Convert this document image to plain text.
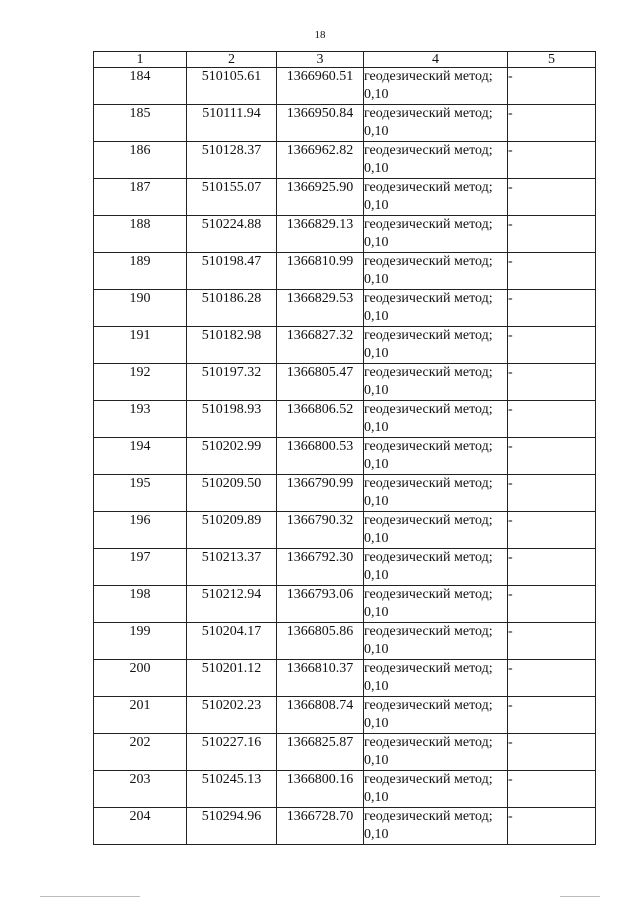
18
1	2	3	4	5
184	510105.61	1366960.51	геодезический метод; 0,10	-
185	510111.94	1366950.84	геодезический метод; 0,10	-
186	510128.37	1366962.82	геодезический метод; 0,10	-
187	510155.07	1366925.90	геодезический метод; 0,10	-
188	510224.88	1366829.13	геодезический метод; 0,10	-
189	510198.47	1366810.99	геодезический метод; 0,10	-
190	510186.28	1366829.53	геодезический метод; 0,10	-
191	510182.98	1366827.32	геодезический метод; 0,10	-
192	510197.32	1366805.47	геодезический метод; 0,10	-
193	510198.93	1366806.52	геодезический метод; 0,10	-
194	510202.99	1366800.53	геодезический метод; 0,10	-
195	510209.50	1366790.99	геодезический метод; 0,10	-
196	510209.89	1366790.32	геодезический метод; 0,10	-
197	510213.37	1366792.30	геодезический метод; 0,10	-
198	510212.94	1366793.06	геодезический метод; 0,10	-
199	510204.17	1366805.86	геодезический метод; 0,10	-
200	510201.12	1366810.37	геодезический метод; 0,10	-
201	510202.23	1366808.74	геодезический метод; 0,10	-
202	510227.16	1366825.87	геодезический метод; 0,10	-
203	510245.13	1366800.16	геодезический метод; 0,10	-
204	510294.96	1366728.70	геодезический метод; 0,10	-
